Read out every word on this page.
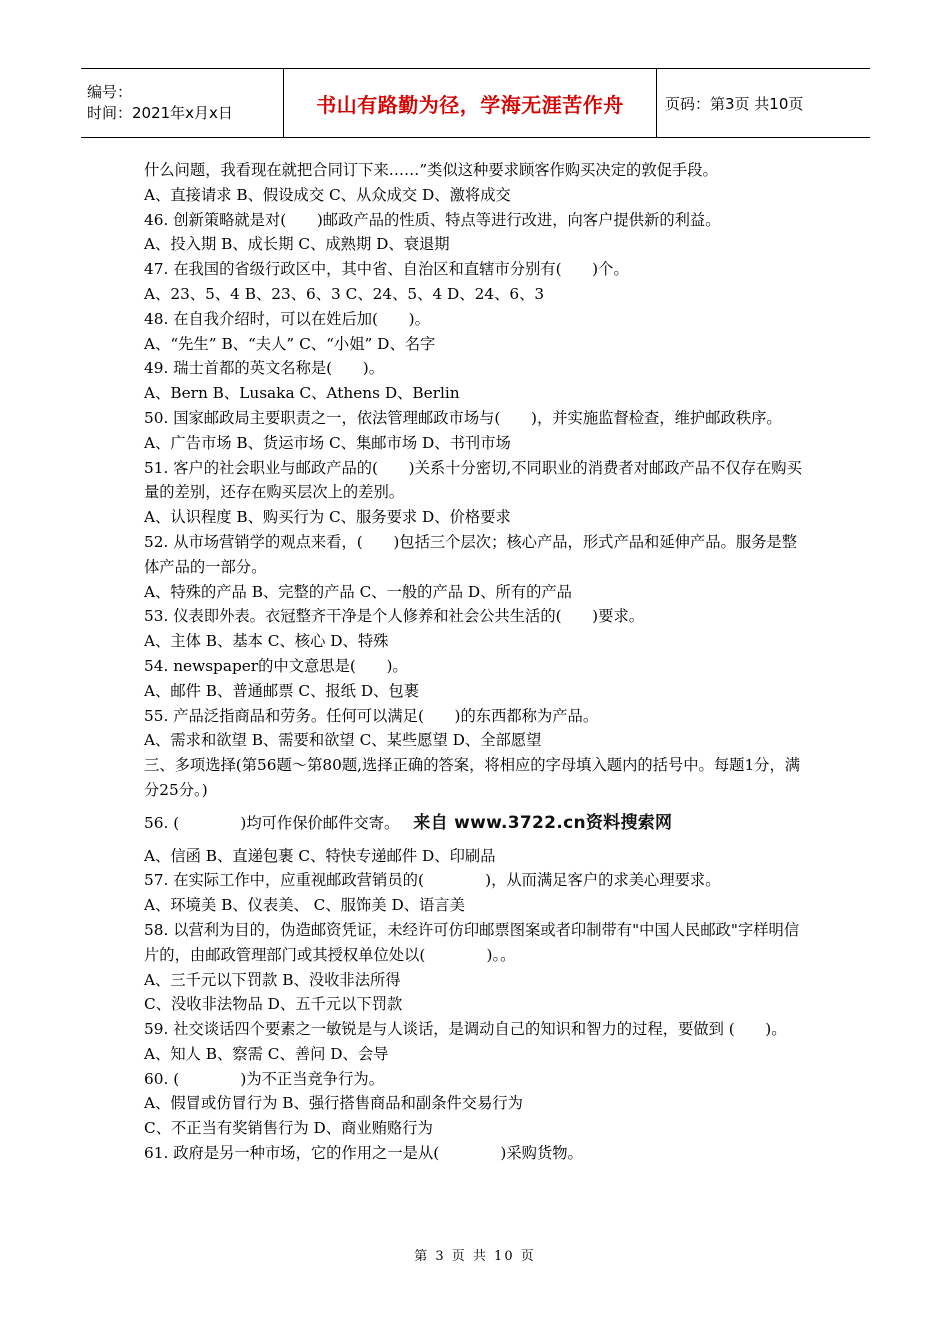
编号：
时间：2021年x月x日	书山有路勤为径，学海无涯苦作舟	页码：第3页 共10页

什么问题，我看现在就把合同订下来……”类似这种要求顾客作购买决定的敦促手段。

A、直接请求 B、假设成交 C、从众成交 D、激将成交

46. 创新策略就是对(　　)邮政产品的性质、特点等进行改进，向客户提供新的利益。

A、投入期 B、成长期 C、成熟期 D、衰退期

47. 在我国的省级行政区中，其中省、自治区和直辖市分别有(　　)个。

A、23、5、4 B、23、6、3 C、24、5、4 D、24、6、3

48. 在自我介绍时，可以在姓后加(　　)。

A、“先生” B、“夫人” C、“小姐” D、名字

49. 瑞士首都的英文名称是(　　)。

A、Bern B、Lusaka C、Athens D、Berlin

50. 国家邮政局主要职责之一，依法管理邮政市场与(　　)，并实施监督检查，维护邮政秩序。

A、广告市场 B、货运市场 C、集邮市场 D、书刊市场

51. 客户的社会职业与邮政产品的(　　)关系十分密切,不同职业的消费者对邮政产品不仅存在购买量的差别，还存在购买层次上的差别。

A、认识程度 B、购买行为 C、服务要求 D、价格要求

52. 从市场营销学的观点来看，(　　)包括三个层次；核心产品，形式产品和延伸产品。服务是整体产品的一部分。

A、特殊的产品 B、完整的产品 C、一般的产品 D、所有的产品

53. 仪表即外表。衣冠整齐干净是个人修养和社会公共生活的(　　)要求。

A、主体 B、基本 C、核心 D、特殊

54. newspaper的中文意思是(　　)。

A、邮件 B、普通邮票 C、报纸 D、包裹

55. 产品泛指商品和劳务。任何可以满足(　　)的东西都称为产品。

A、需求和欲望 B、需要和欲望 C、某些愿望 D、全部愿望

三、多项选择(第56题～第80题,选择正确的答案，将相应的字母填入题内的括号中。每题1分，满分25分。)

56. (　　　　)均可作保价邮件交寄。 来自 www.3722.cn资料搜索网

A、信函 B、直递包裹 C、特快专递邮件 D、印刷品

57. 在实际工作中，应重视邮政营销员的(　　　　)，从而满足客户的求美心理要求。

A、环境美 B、仪表美、 C、服饰美 D、语言美

58. 以营利为目的，伪造邮资凭证，未经许可仿印邮票图案或者印制带有"中国人民邮政"字样明信片的，由邮政管理部门或其授权单位处以(　　　　)。。

A、三千元以下罚款 B、没收非法所得

C、没收非法物品 D、五千元以下罚款

59. 社交谈话四个要素之一敏锐是与人谈话，是调动自己的知识和智力的过程，要做到 (　　)。

A、知人 B、察需 C、善问 D、会导

60. (　　　　)为不正当竞争行为。

A、假冒或仿冒行为 B、强行搭售商品和副条件交易行为

C、不正当有奖销售行为 D、商业贿赂行为

61. 政府是另一种市场，它的作用之一是从(　　　　)采购货物。

第 3 页 共 10 页
